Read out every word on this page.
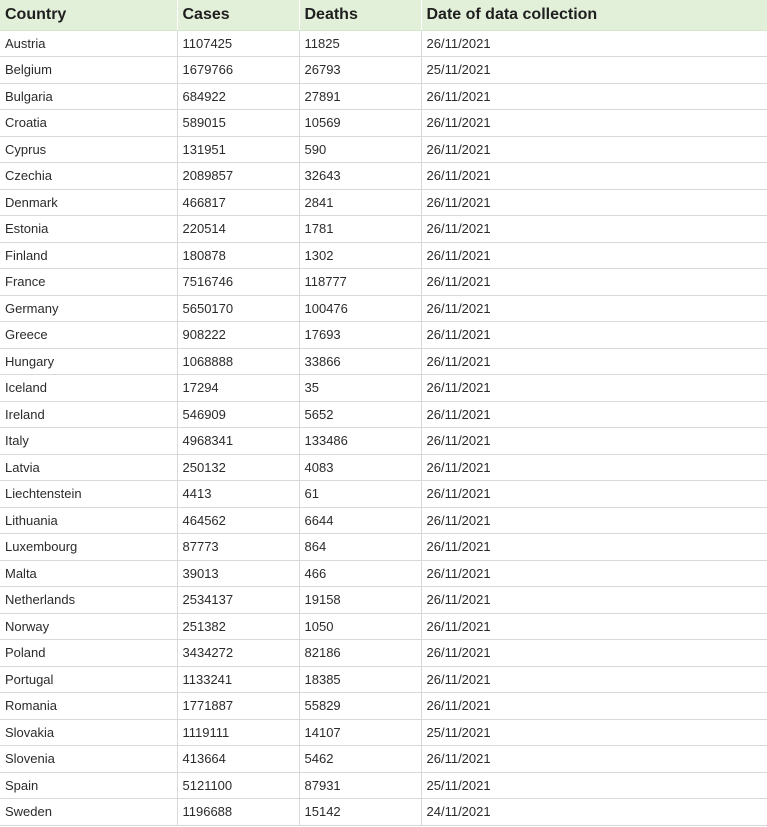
Country	Cases	Deaths	Date of data collection
Austria	1107425	11825	26/11/2021
Belgium	1679766	26793	25/11/2021
Bulgaria	684922	27891	26/11/2021
Croatia	589015	10569	26/11/2021
Cyprus	131951	590	26/11/2021
Czechia	2089857	32643	26/11/2021
Denmark	466817	2841	26/11/2021
Estonia	220514	1781	26/11/2021
Finland	180878	1302	26/11/2021
France	7516746	118777	26/11/2021
Germany	5650170	100476	26/11/2021
Greece	908222	17693	26/11/2021
Hungary	1068888	33866	26/11/2021
Iceland	17294	35	26/11/2021
Ireland	546909	5652	26/11/2021
Italy	4968341	133486	26/11/2021
Latvia	250132	4083	26/11/2021
Liechtenstein	4413	61	26/11/2021
Lithuania	464562	6644	26/11/2021
Luxembourg	87773	864	26/11/2021
Malta	39013	466	26/11/2021
Netherlands	2534137	19158	26/11/2021
Norway	251382	1050	26/11/2021
Poland	3434272	82186	26/11/2021
Portugal	1133241	18385	26/11/2021
Romania	1771887	55829	26/11/2021
Slovakia	1119111	14107	25/11/2021
Slovenia	413664	5462	26/11/2021
Spain	5121100	87931	25/11/2021
Sweden	1196688	15142	24/11/2021
